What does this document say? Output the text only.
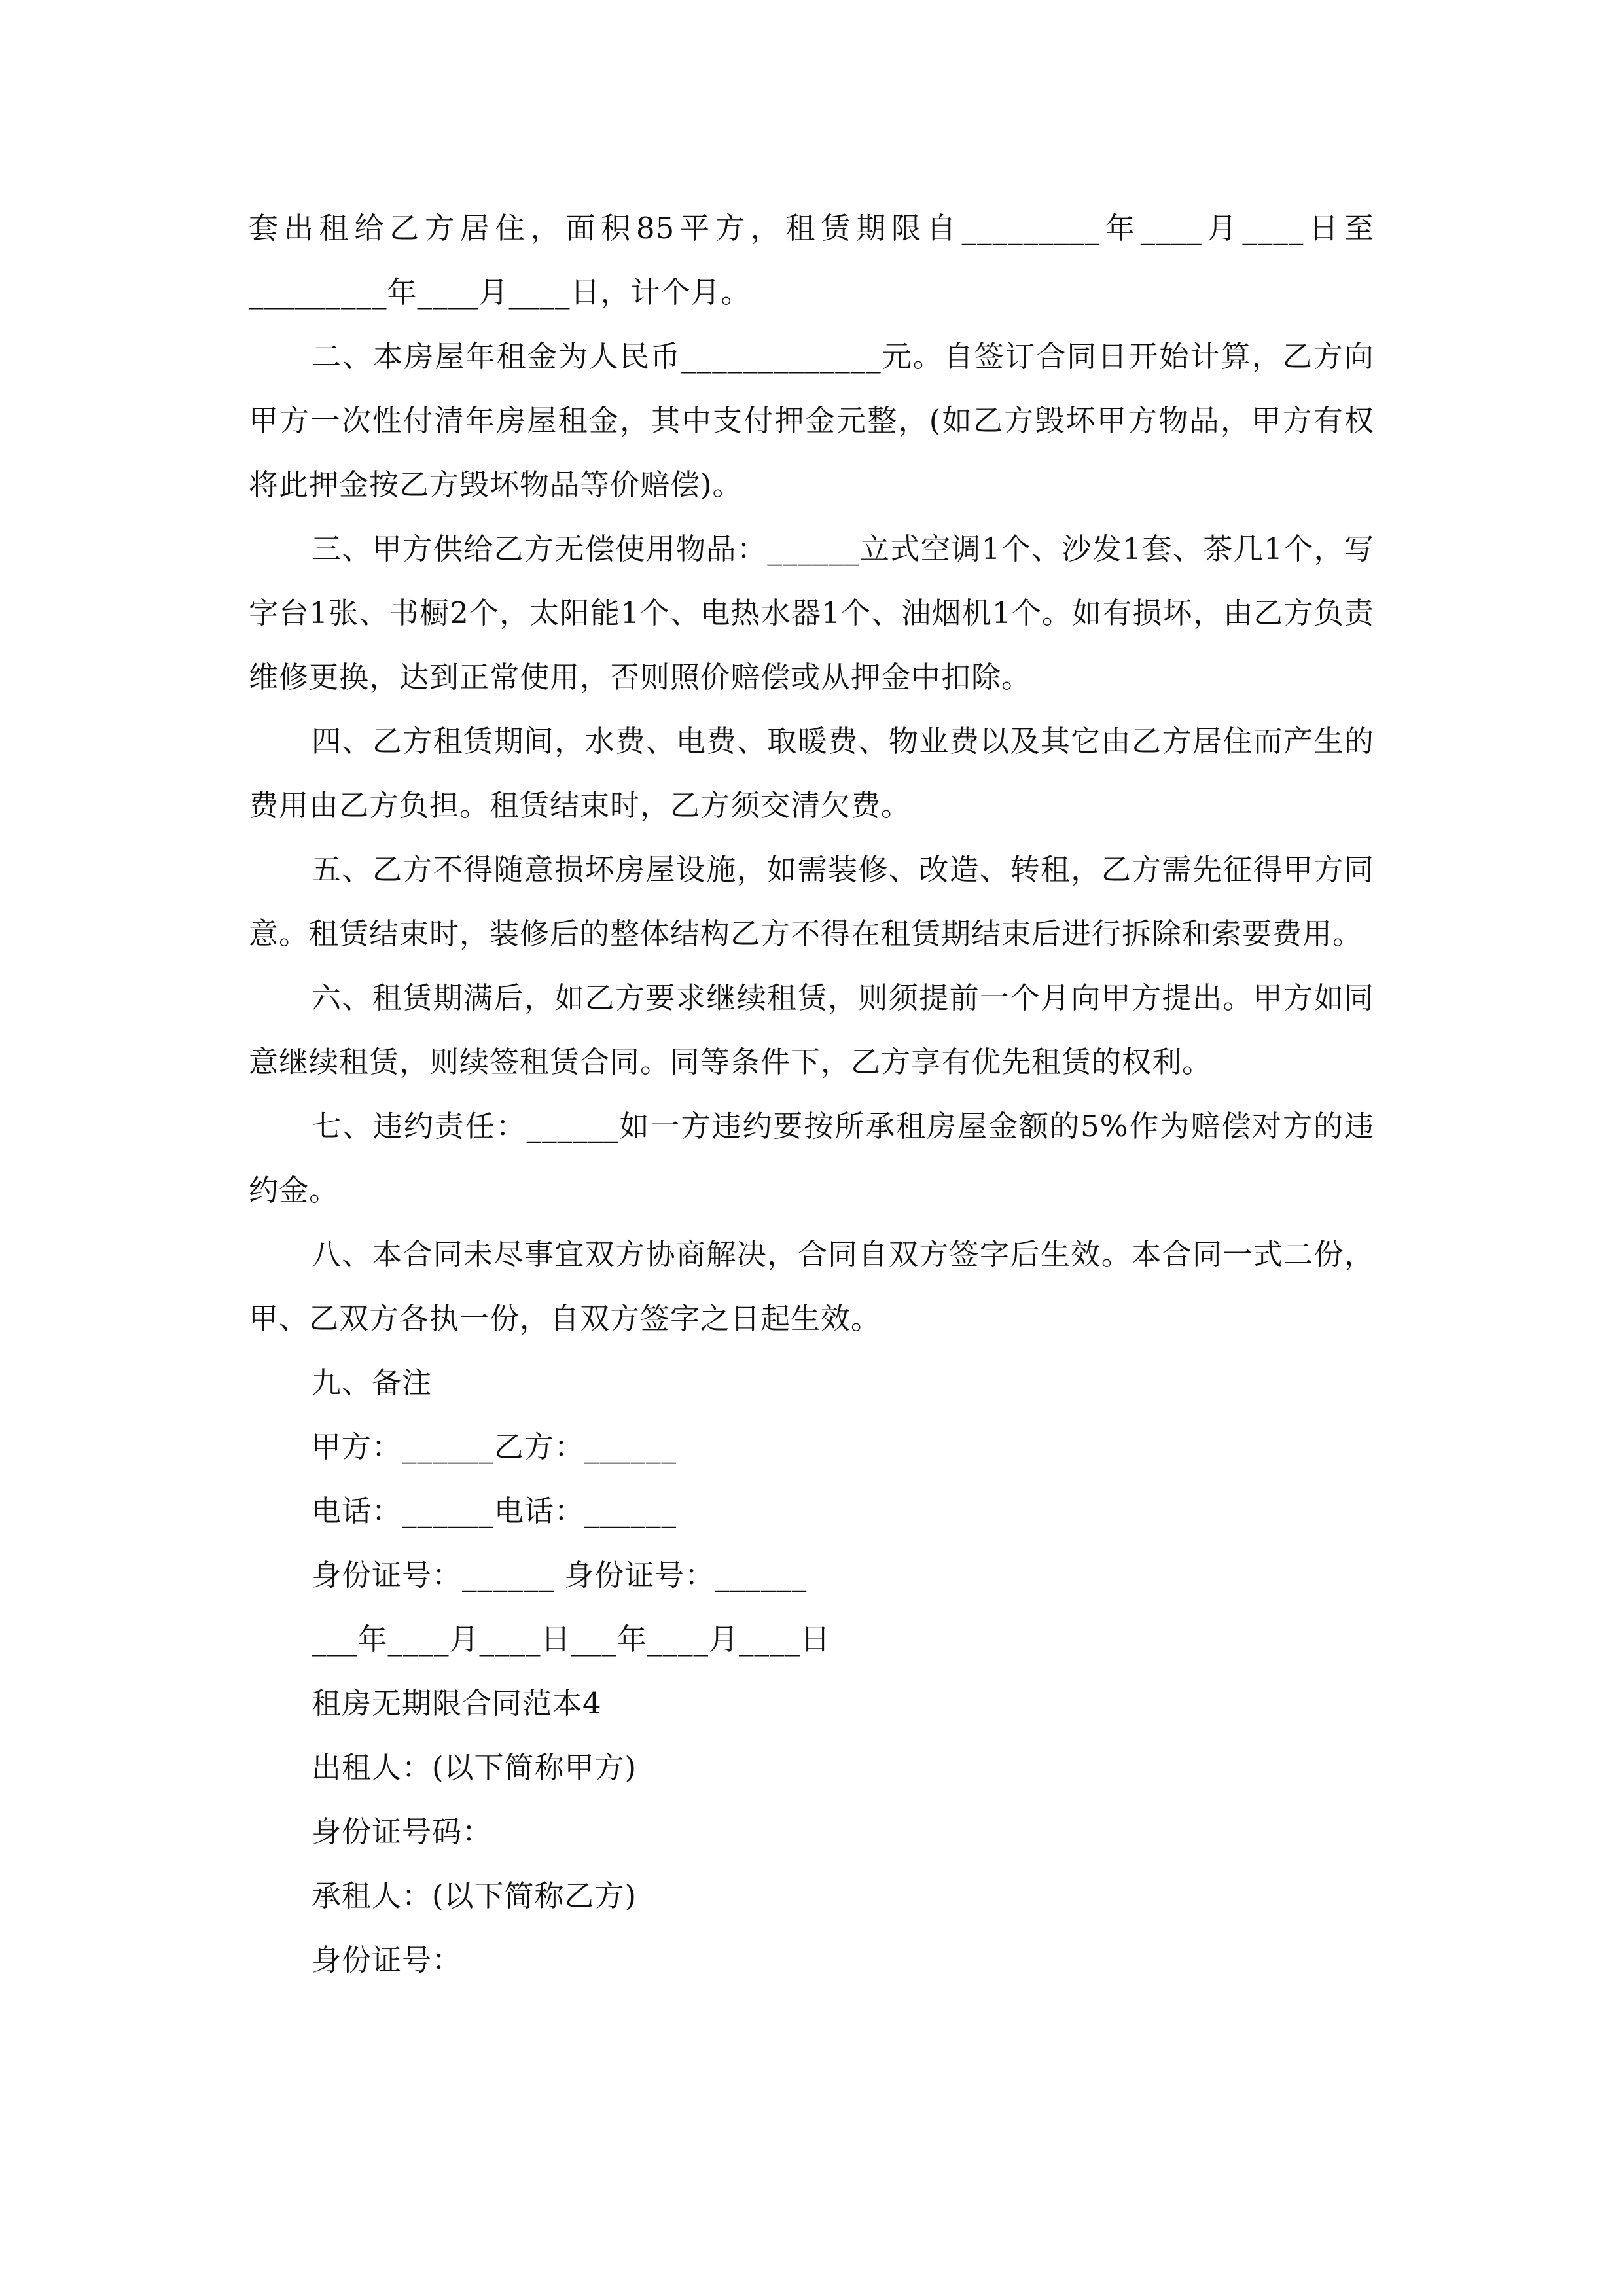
套出租给乙方居住，面积85平方，租赁期限自_________年____月____日至_________年____月____日，计个月。

二、本房屋年租金为人民币_____________元。自签订合同日开始计算，乙方向甲方一次性付清年房屋租金，其中支付押金元整，(如乙方毁坏甲方物品，甲方有权将此押金按乙方毁坏物品等价赔偿)。

三、甲方供给乙方无偿使用物品：______立式空调1个、沙发1套、茶几1个，写字台1张、书橱2个，太阳能1个、电热水器1个、油烟机1个。如有损坏，由乙方负责维修更换，达到正常使用，否则照价赔偿或从押金中扣除。

四、乙方租赁期间，水费、电费、取暖费、物业费以及其它由乙方居住而产生的费用由乙方负担。租赁结束时，乙方须交清欠费。

五、乙方不得随意损坏房屋设施，如需装修、改造、转租，乙方需先征得甲方同意。租赁结束时，装修后的整体结构乙方不得在租赁期结束后进行拆除和索要费用。

六、租赁期满后，如乙方要求继续租赁，则须提前一个月向甲方提出。甲方如同意继续租赁，则续签租赁合同。同等条件下，乙方享有优先租赁的权利。

七、违约责任：______如一方违约要按所承租房屋金额的5%作为赔偿对方的违约金。

八、本合同未尽事宜双方协商解决，合同自双方签字后生效。本合同一式二份，甲、乙双方各执一份，自双方签字之日起生效。

九、备注

甲方：______乙方：______

电话：______电话：______

身份证号：______ 身份证号：______

___年____月____日___年____月____日

租房无期限合同范本4

出租人：(以下简称甲方)

身份证号码：

承租人：(以下简称乙方)

身份证号：
